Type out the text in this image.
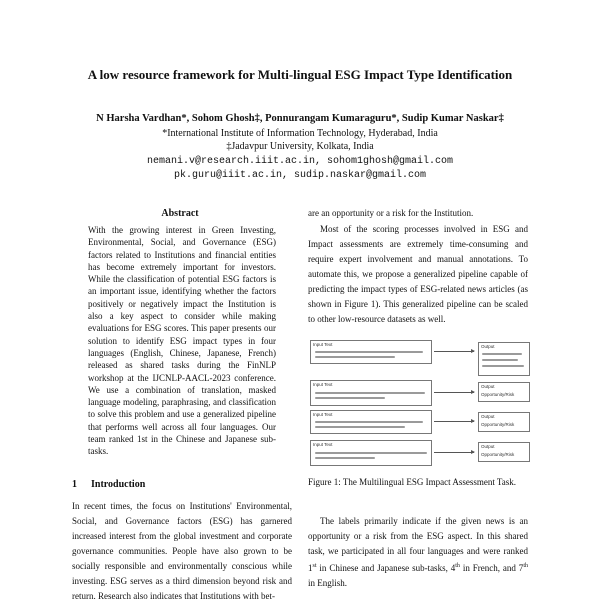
A low resource framework for Multi-lingual ESG Impact Type Identification
N Harsha Vardhan*, Sohom Ghosh‡, Ponnurangam Kumaraguru*, Sudip Kumar Naskar‡
*International Institute of Information Technology, Hyderabad, India
‡Jadavpur University, Kolkata, India
nemani.v@research.iiit.ac.in, sohom1ghosh@gmail.com
pk.guru@iiit.ac.in, sudip.naskar@gmail.com
Abstract
With the growing interest in Green Investing, Environmental, Social, and Governance (ESG) factors related to Institutions and financial entities has become extremely important for investors. While the classification of potential ESG factors is an important issue, identifying whether the factors positively or negatively impact the Institution is also a key aspect to consider while making evaluations for ESG scores. This paper presents our solution to identify ESG impact types in four languages (English, Chinese, Japanese, French) released as shared tasks during the FinNLP workshop at the IJCNLP-AACL-2023 conference. We use a combination of translation, masked language modeling, paraphrasing, and classification to solve this problem and use a generalized pipeline that performs well across all four languages. Our team ranked 1st in the Chinese and Japanese sub-tasks.
1 Introduction
In recent times, the focus on Institutions' Environmental, Social, and Governance factors (ESG) has garnered increased interest from the global investment and corporate governance communities. People have also grown to be socially responsible and environmentally conscious while investing. ESG serves as a third dimension beyond risk and return. Research also indicates that Institutions with bet-
are an opportunity or a risk for the Institution.
Most of the scoring processes involved in ESG and Impact assessments are extremely time-consuming and require expert involvement and manual annotations. To automate this, we propose a generalized pipeline capable of predicting the impact types of ESG-related news articles (as shown in Figure 1). This generalized pipeline can be scaled to other low-resource datasets as well.
Input Text	Output
Input Text	Output
Opportunity/Risk
Input Text	Output
Opportunity/Risk
Input Text	Output
Opportunity/Risk
Figure 1: The Multilingual ESG Impact Assessment Task.
The labels primarily indicate if the given news is an opportunity or a risk from the ESG aspect. In this shared task, we participated in all four languages and were ranked 1st in Chinese and Japanese sub-tasks, 4th in French, and 7th in English.
